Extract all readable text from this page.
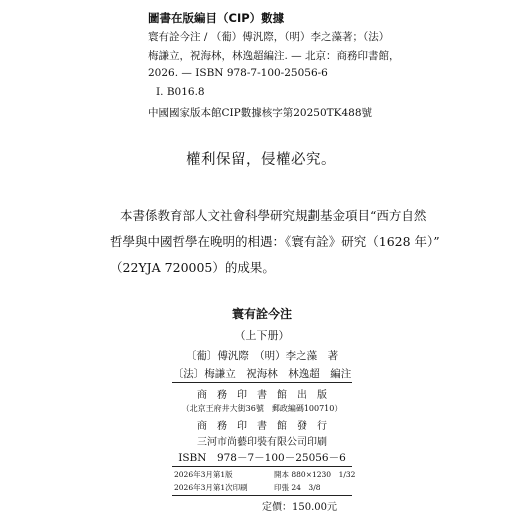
圖書在版編目（CIP）數據
寰有詮今注 / （葡）傅汎際，（明）李之藻著；（法）
梅謙立，祝海林，林逸超編注. — 北京：商務印書館，
2026. — ISBN 978-7-100-25056-6
Ⅰ. B016.8
中國國家版本館CIP數據核字第20250TK488號
權利保留，侵權必究。
本書係教育部人文社會科學研究規劃基金項目“西方自然
哲學與中國哲學在晚明的相遇：《寰有詮》研究（1628 年）”
（22YJA 720005）的成果。
寰有詮今注
（上下册）
〔葡〕傅汎際　（明）李之藻　著
〔法〕梅謙立　祝海林　林逸超　編注
商　務　印　書　館　出　版
（北京王府井大街36號　郵政編碼100710）
商　務　印　書　館　發　行
三河市尚藝印裝有限公司印刷
ISBN　978－7－100－25056－6
2026年3月第1版	開本 880×1230　1/32
2026年3月第1次印刷	印張 24　3/8
定價：150.00元
